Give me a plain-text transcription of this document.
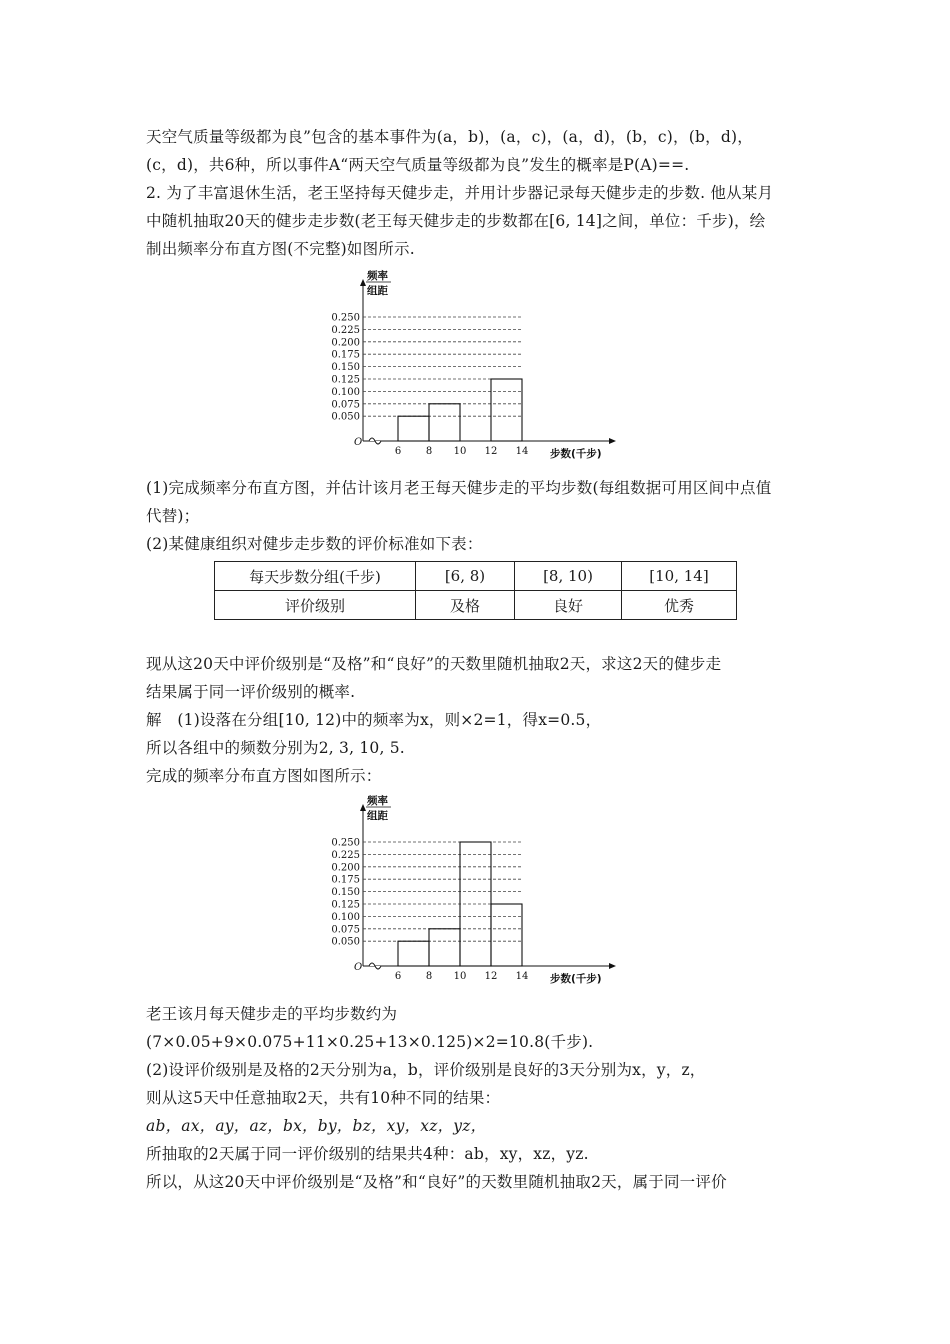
天空气质量等级都为良”包含的基本事件为(a，b)，(a，c)，(a，d)，(b，c)，(b，d)，
(c，d)，共6种，所以事件A“两天空气质量等级都为良”发生的概率是P(A)==.
2. 为了丰富退休生活，老王坚持每天健步走，并用计步器记录每天健步走的步数. 他从某月
中随机抽取20天的健步走步数(老王每天健步走的步数都在[6, 14]之间，单位：千步)，绘
制出频率分布直方图(不完整)如图所示.
频率
组距
0.050
0.075
0.100
0.125
0.150
0.175
0.200
0.225
0.250
6 8 10 12 14
O
步数(千步)
(1)完成频率分布直方图，并估计该月老王每天健步走的平均步数(每组数据可用区间中点值
代替)；
(2)某健康组织对健步走步数的评价标准如下表：
每天步数分组(千步)	[6, 8)	[8, 10)	[10, 14]
评价级别	及格	良好	优秀
现从这20天中评价级别是“及格”和“良好”的天数里随机抽取2天，求这2天的健步走
结果属于同一评价级别的概率.
解　(1)设落在分组[10, 12)中的频率为x，则×2=1，得x=0.5，
所以各组中的频数分别为2, 3, 10, 5.
完成的频率分布直方图如图所示：
频率
组距
0.050
0.075
0.100
0.125
0.150
0.175
0.200
0.225
0.250
6 8 10 12 14
O
步数(千步)
老王该月每天健步走的平均步数约为
(7×0.05+9×0.075+11×0.25+13×0.125)×2=10.8(千步).
(2)设评价级别是及格的2天分别为a，b，评价级别是良好的3天分别为x，y，z，
则从这5天中任意抽取2天，共有10种不同的结果：
ab，ax，ay，az，bx，by，bz，xy，xz，yz，
所抽取的2天属于同一评价级别的结果共4种：ab，xy，xz，yz.
所以，从这20天中评价级别是“及格”和“良好”的天数里随机抽取2天，属于同一评价
